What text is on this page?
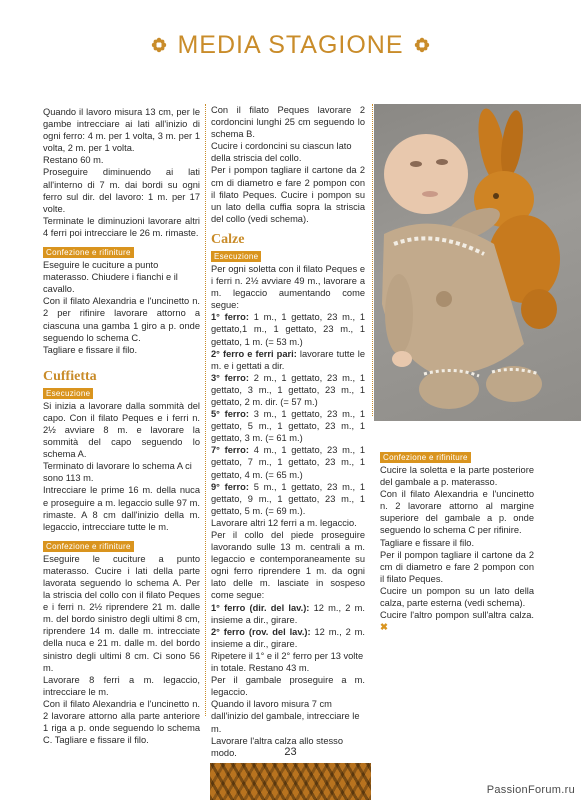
MEDIA STAGIONE

Quando il lavoro misura 13 cm, per le gambe intrecciare ai lati all'inizio di ogni ferro: 4 m. per 1 volta, 3 m. per 1 volta, 2 m. per 1 volta.

Restano 60 m.

Proseguire diminuendo ai lati all'interno di 7 m. dai bordi su ogni ferro sul dir. del lavoro: 1 m. per 17 volte.

Terminate le diminuzioni lavorare altri 4 ferri poi intrecciare le 26 m. rimaste.

Confezione e rifiniture

Eseguire le cuciture a punto materasso. Chiudere i fianchi e il cavallo.

Con il filato Alexandria e l'uncinetto n. 2 per rifinire lavorare attorno a ciascuna una gamba 1 giro a p. onde seguendo lo schema C.

Tagliare e fissare il filo.

Cuffietta
Esecuzione

Si inizia a lavorare dalla sommità del capo. Con il filato Peques e i ferri n. 2½ avviare 8 m. e lavorare la sommità del capo seguendo lo schema A.

Terminato di lavorare lo schema A ci sono 113 m.

Intrecciare le prime 16 m. della nuca e proseguire a m. legaccio sulle 97 m. rimaste. A 8 cm dall'inizio della m. legaccio, intrecciare tutte le m.

Confezione e rifiniture

Eseguire le cuciture a punto materasso. Cucire i lati della parte lavorata seguendo lo schema A. Per la striscia del collo con il filato Peques e i ferri n. 2½ riprendere 21 m. dalle m. del bordo sinistro degli ultimi 8 cm, riprendere 14 m. dalle m. intrecciate della nuca e 21 m. dalle m. del bordo sinistro degli ultimi 8 cm. Ci sono 56 m.

Lavorare 8 ferri a m. legaccio, intrecciare le m.

Con il filato Alexandria e l'uncinetto n. 2 lavorare attorno alla parte anteriore 1 riga a p. onde seguendo lo schema C. Tagliare e fissare il filo.

Con il filato Peques lavorare 2 cordoncini lunghi 25 cm seguendo lo schema B.

Cucire i cordoncini su ciascun lato della striscia del collo.

Per i pompon tagliare il cartone da 2 cm di diametro e fare 2 pompon con il filato Peques. Cucire i pompon su un lato della cuffia sopra la striscia del collo (vedi schema).

Calze
Esecuzione

Per ogni soletta con il filato Peques e i ferri n. 2½ avviare 49 m., lavorare a m. legaccio aumentando come segue:

1° ferro: 1 m., 1 gettato, 23 m., 1 gettato,1 m., 1 gettato, 23 m., 1 gettato, 1 m. (= 53 m.)

2° ferro e ferri pari: lavorare tutte le m. e i gettati a dir.

3° ferro: 2 m., 1 gettato, 23 m., 1 gettato, 3 m., 1 gettato, 23 m., 1 gettato, 2 m. dir. (= 57 m.)

5° ferro: 3 m., 1 gettato, 23 m., 1 gettato, 5 m., 1 gettato, 23 m., 1 gettato, 3 m. (= 61 m.)

7° ferro: 4 m., 1 gettato, 23 m., 1 gettato, 7 m., 1 gettato, 23 m., 1 gettato, 4 m. (= 65 m.)

9° ferro: 5 m., 1 gettato, 23 m., 1 gettato, 9 m., 1 gettato, 23 m., 1 gettato, 5 m. (= 69 m.).

Lavorare altri 12 ferri a m. legaccio.

Per il collo del piede proseguire lavorando sulle 13 m. centrali a m. legaccio e contemporaneamente su ogni ferro riprendere 1 m. da ogni lato delle m. lasciate in sospeso come segue:

1° ferro (dir. del lav.): 12 m., 2 m. insieme a dir., girare.

2° ferro (rov. del lav.): 12 m., 2 m. insieme a dir., girare.

Ripetere il 1° e il 2° ferro per 13 volte in totale. Restano 43 m.

Per il gambale proseguire a m. legaccio.

Quando il lavoro misura 7 cm dall'inizio del gambale, intrecciare le m.

Lavorare l'altra calza allo stesso modo.

Confezione e rifiniture

Cucire la soletta e la parte posteriore del gambale a p. materasso.

Con il filato Alexandria e l'uncinetto n. 2 lavorare attorno al margine superiore del gambale a p. onde seguendo lo schema C per rifinire.

Tagliare e fissare il filo.

Per il pompon tagliare il cartone da 2 cm di diametro e fare 2 pompon con il filato Peques.

Cucire un pompon su un lato della calza, parte esterna (vedi schema).

Cucire l'altro pompon sull'altra calza. ✖

23
PassionForum.ru
